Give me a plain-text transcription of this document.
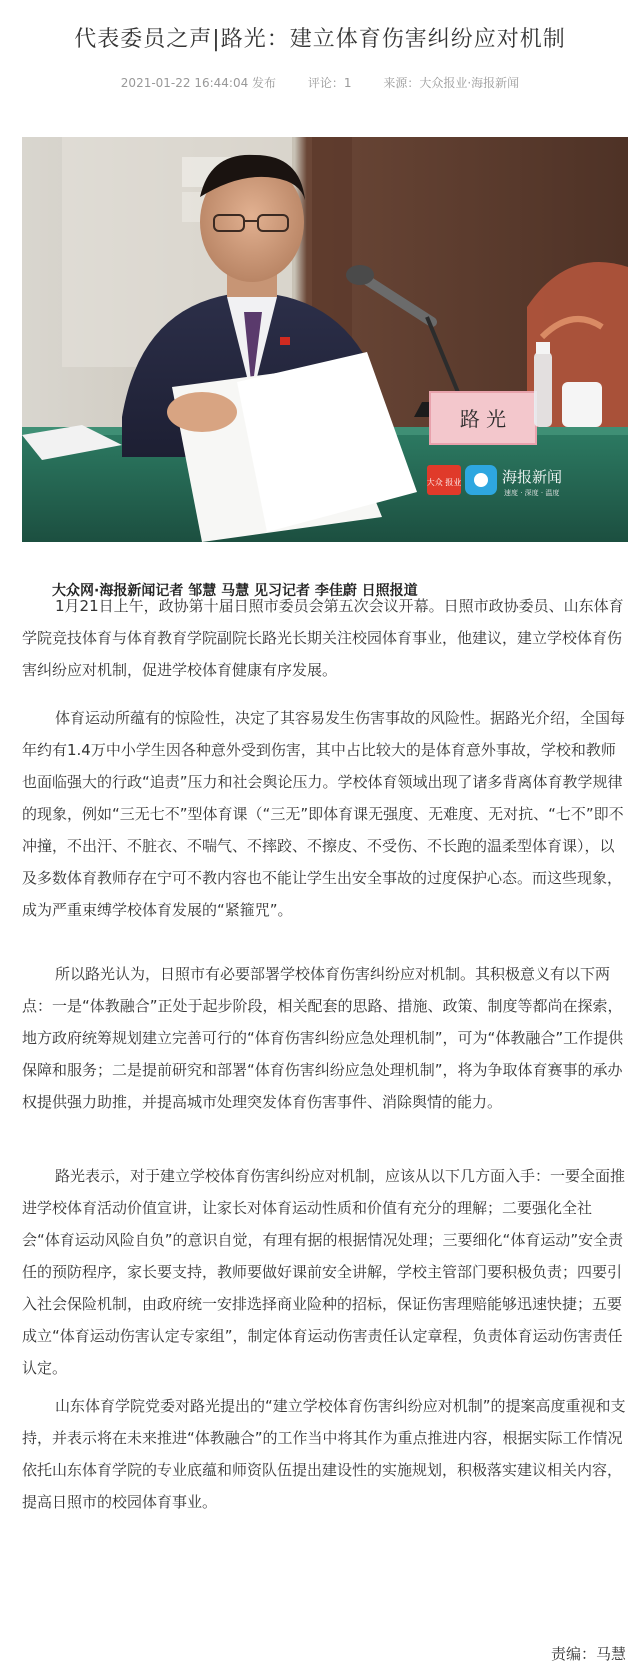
代表委员之声|路光：建立体育伤害纠纷应对机制
2021-01-22 16:44:04 发布	评论：1	来源：大众报业·海报新闻
路 光
大众 报业	海报新闻
速度 · 深度 · 温度
大众网·海报新闻记者 邹慧 马慧 见习记者 李佳蔚 日照报道

1月21日上午，政协第十届日照市委员会第五次会议开幕。日照市政协委员、山东体育学院竞技体育与体育教育学院副院长路光长期关注校园体育事业，他建议，建立学校体育伤害纠纷应对机制，促进学校体育健康有序发展。

体育运动所蕴有的惊险性，决定了其容易发生伤害事故的风险性。据路光介绍，全国每年约有1.4万中小学生因各种意外受到伤害，其中占比较大的是体育意外事故，学校和教师也面临强大的行政“追责”压力和社会舆论压力。学校体育领域出现了诸多背离体育教学规律的现象，例如“三无七不”型体育课（“三无”即体育课无强度、无难度、无对抗、“七不”即不冲撞，不出汗、不脏衣、不喘气、不摔跤、不擦皮、不受伤、不长跑的温柔型体育课），以及多数体育教师存在宁可不教内容也不能让学生出安全事故的过度保护心态。而这些现象，成为严重束缚学校体育发展的“紧箍咒”。

所以路光认为，日照市有必要部署学校体育伤害纠纷应对机制。其积极意义有以下两点：一是“体教融合”正处于起步阶段，相关配套的思路、措施、政策、制度等都尚在探索，地方政府统筹规划建立完善可行的“体育伤害纠纷应急处理机制”，可为“体教融合”工作提供保障和服务；二是提前研究和部署“体育伤害纠纷应急处理机制”，将为争取体育赛事的承办权提供强力助推，并提高城市处理突发体育伤害事件、消除舆情的能力。

路光表示，对于建立学校体育伤害纠纷应对机制，应该从以下几方面入手：一要全面推进学校体育活动价值宣讲，让家长对体育运动性质和价值有充分的理解；二要强化全社会“体育运动风险自负”的意识自觉，有理有据的根据情况处理；三要细化“体育运动”安全责任的预防程序，家长要支持，教师要做好课前安全讲解，学校主管部门要积极负责；四要引入社会保险机制，由政府统一安排选择商业险种的招标，保证伤害理赔能够迅速快捷；五要成立“体育运动伤害认定专家组”，制定体育运动伤害责任认定章程，负责体育运动伤害责任认定。

山东体育学院党委对路光提出的“建立学校体育伤害纠纷应对机制”的提案高度重视和支持，并表示将在未来推进“体教融合”的工作当中将其作为重点推进内容，根据实际工作情况依托山东体育学院的专业底蕴和师资队伍提出建设性的实施规划，积极落实建议相关内容，提高日照市的校园体育事业。

责编：马慧
